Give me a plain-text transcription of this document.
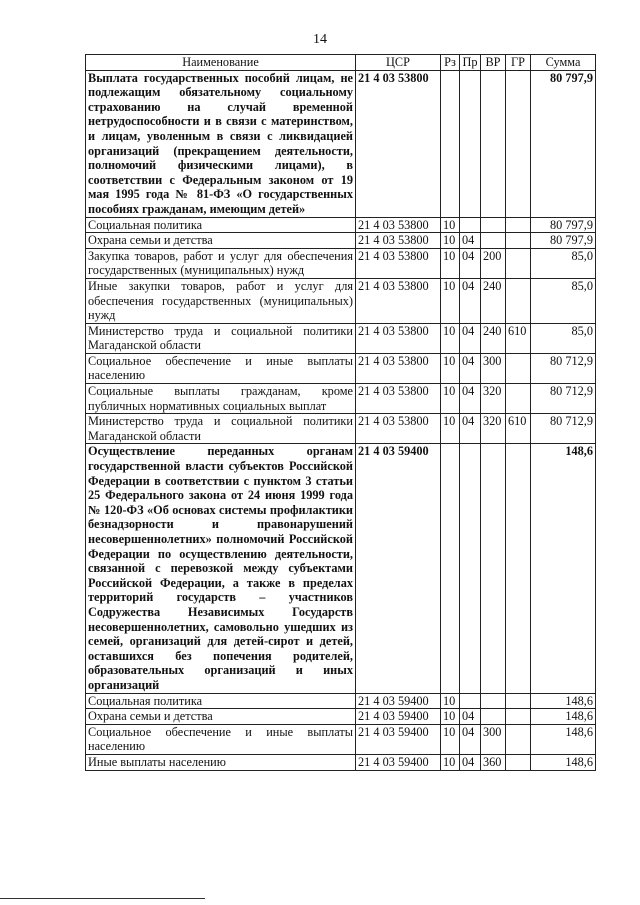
14
Наименование	ЦСР	Рз	Пр	ВР	ГР	Сумма
Выплата государственных пособий лицам, не подлежащим обязательному социальному страхованию на случай временной нетрудоспособности и в связи с материнством, и лицам, уволенным в связи с ликвидацией организаций (прекращением деятельности, полномочий физическими лицами), в соответствии с Федеральным законом от 19 мая 1995 года № 81-ФЗ «О государственных пособиях гражданам, имеющим детей»	21 4 03 53800					80 797,9
Социальная политика	21 4 03 53800	10				80 797,9
Охрана семьи и детства	21 4 03 53800	10	04			80 797,9
Закупка товаров, работ и услуг для обеспечения государственных (муниципальных) нужд	21 4 03 53800	10	04	200		85,0
Иные закупки товаров, работ и услуг для обеспечения государственных (муниципальных) нужд	21 4 03 53800	10	04	240		85,0
Министерство труда и социальной политики Магаданской области	21 4 03 53800	10	04	240	610	85,0
Социальное обеспечение и иные выплаты населению	21 4 03 53800	10	04	300		80 712,9
Социальные выплаты гражданам, кроме публичных нормативных социальных выплат	21 4 03 53800	10	04	320		80 712,9
Министерство труда и социальной политики Магаданской области	21 4 03 53800	10	04	320	610	80 712,9
Осуществление переданных органам государственной власти субъектов Российской Федерации в соответствии с пунктом 3 статьи 25 Федерального закона от 24 июня 1999 года № 120-ФЗ «Об основах системы профилактики безнадзорности и правонарушений несовершеннолетних» полномочий Российской Федерации по осуществлению деятельности, связанной с перевозкой между субъектами Российской Федерации, а также в пределах территорий государств – участников Содружества Независимых Государств несовершеннолетних, самовольно ушедших из семей, организаций для детей-сирот и детей, оставшихся без попечения родителей, образовательных организаций и иных организаций	21 4 03 59400					148,6
Социальная политика	21 4 03 59400	10				148,6
Охрана семьи и детства	21 4 03 59400	10	04			148,6
Социальное обеспечение и иные выплаты населению	21 4 03 59400	10	04	300		148,6
Иные выплаты населению	21 4 03 59400	10	04	360		148,6
